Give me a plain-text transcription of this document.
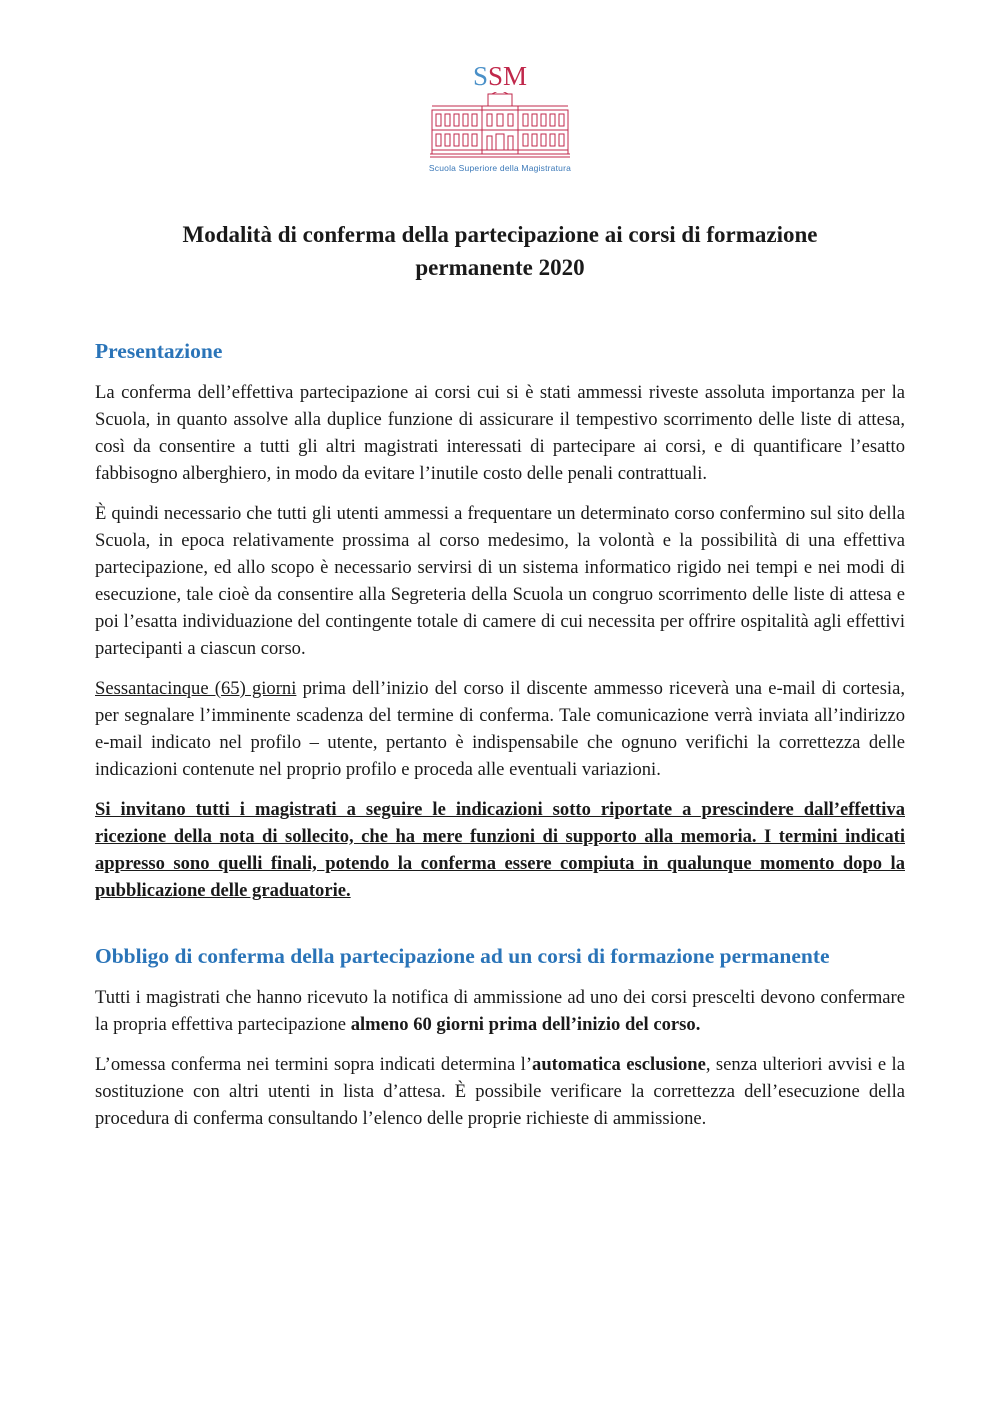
SSM
Scuola Superiore della Magistratura
Modalità di conferma della partecipazione ai corsi di formazione
permanente 2020
Presentazione

La conferma dell’effettiva partecipazione ai corsi cui si è stati ammessi riveste assoluta importanza per la Scuola, in quanto assolve alla duplice funzione di assicurare il tempestivo scorrimento delle liste di attesa, così da consentire a tutti gli altri magistrati interessati di partecipare ai corsi, e di quantificare l’esatto fabbisogno alberghiero, in modo da evitare l’inutile costo delle penali contrattuali.

È quindi necessario che tutti gli utenti ammessi a frequentare un determinato corso confermino sul sito della Scuola, in epoca relativamente prossima al corso medesimo, la volontà e la possibilità di una effettiva partecipazione, ed allo scopo è necessario servirsi di un sistema informatico rigido nei tempi e nei modi di esecuzione, tale cioè da consentire alla Segreteria della Scuola un congruo scorrimento delle liste di attesa e poi l’esatta individuazione del contingente totale di camere di cui necessita per offrire ospitalità agli effettivi partecipanti a ciascun corso.

Sessantacinque (65) giorni prima dell’inizio del corso il discente ammesso riceverà una e-mail di cortesia, per segnalare l’imminente scadenza del termine di conferma. Tale comunicazione verrà inviata all’indirizzo e-mail indicato nel profilo – utente, pertanto è indispensabile che ognuno verifichi la correttezza delle indicazioni contenute nel proprio profilo e proceda alle eventuali variazioni.

Si invitano tutti i magistrati a seguire le indicazioni sotto riportate a prescindere dall’effettiva ricezione della nota di sollecito, che ha mere funzioni di supporto alla memoria. I termini indicati appresso sono quelli finali, potendo la conferma essere compiuta in qualunque momento dopo la pubblicazione delle graduatorie.

Obbligo di conferma della partecipazione ad un corsi di formazione permanente

Tutti i magistrati che hanno ricevuto la notifica di ammissione ad uno dei corsi prescelti devono confermare la propria effettiva partecipazione almeno 60 giorni prima dell’inizio del corso.

L’omessa conferma nei termini sopra indicati determina l’automatica esclusione, senza ulteriori avvisi e la sostituzione con altri utenti in lista d’attesa. È possibile verificare la correttezza dell’esecuzione della procedura di conferma consultando l’elenco delle proprie richieste di ammissione.
